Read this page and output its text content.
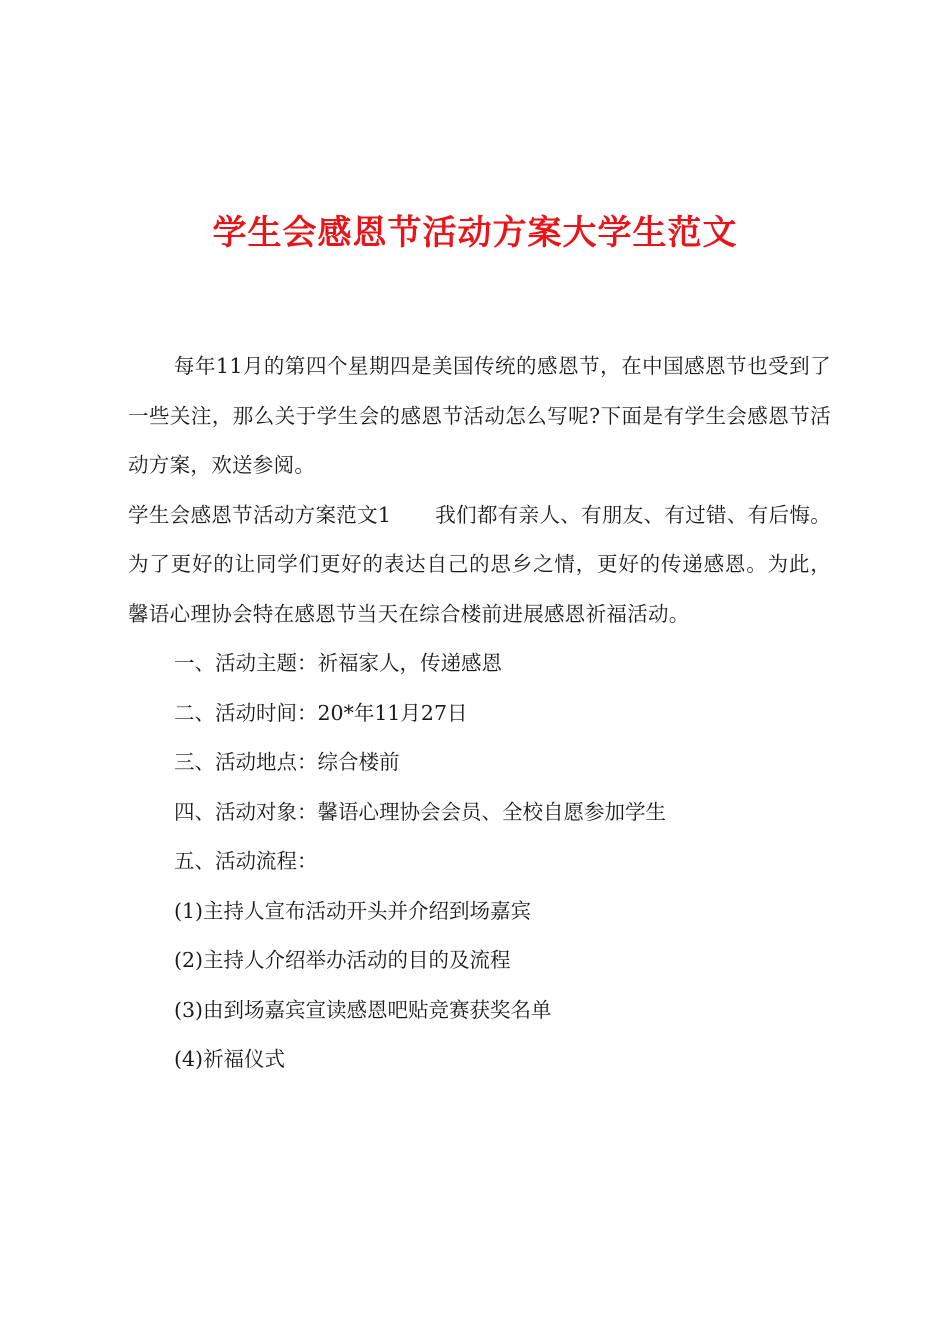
学生会感恩节活动方案大学生范文

每年11月的第四个星期四是美国传统的感恩节，在中国感恩节也受到了一些关注，那么关于学生会的感恩节活动怎么写呢?下面是有学生会感恩节活动方案，欢送参阅。

学生会感恩节活动方案范文1 我们都有亲人、有朋友、有过错、有后悔。为了更好的让同学们更好的表达自己的思乡之情，更好的传递感恩。为此，馨语心理协会特在感恩节当天在综合楼前进展感恩祈福活动。

一、活动主题：祈福家人，传递感恩

二、活动时间：20*年11月27日

三、活动地点：综合楼前

四、活动对象：馨语心理协会会员、全校自愿参加学生

五、活动流程：

(1)主持人宣布活动开头并介绍到场嘉宾

(2)主持人介绍举办活动的目的及流程

(3)由到场嘉宾宣读感恩吧贴竞赛获奖名单

(4)祈福仪式
